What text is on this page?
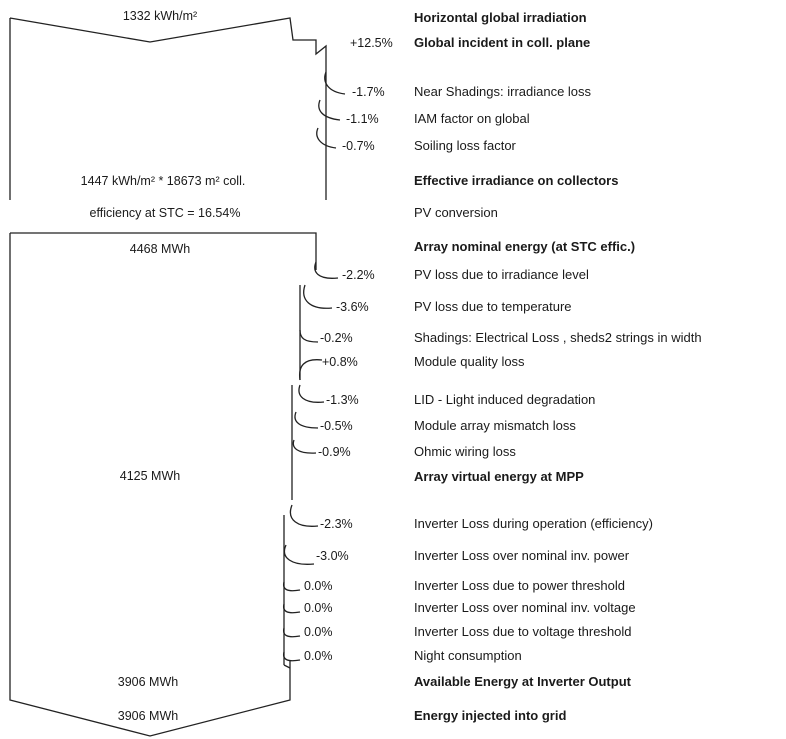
1332 kWh/m²
1447 kWh/m² * 18673 m² coll.
efficiency at STC = 16.54%
4468 MWh
4125 MWh
3906 MWh
3906 MWh
Horizontal global irradiation
Global incident in coll. plane
+12.5%
Near Shadings: irradiance loss
-1.7%
IAM factor on global
-1.1%
Soiling loss factor
-0.7%
Effective irradiance on collectors
PV conversion
Array nominal energy (at STC effic.)
PV loss due to irradiance level
-2.2%
PV loss due to temperature
-3.6%
Shadings: Electrical Loss , sheds2 strings in width
-0.2%
Module quality loss
+0.8%
LID - Light induced degradation
-1.3%
Module array mismatch loss
-0.5%
Ohmic wiring loss
-0.9%
Array virtual energy at MPP
Inverter Loss during operation (efficiency)
-2.3%
Inverter Loss over nominal inv. power
-3.0%
Inverter Loss due to power threshold
0.0%
Inverter Loss over nominal inv. voltage
0.0%
Inverter Loss due to voltage threshold
0.0%
Night consumption
0.0%
Available Energy at Inverter Output
Energy injected into grid
